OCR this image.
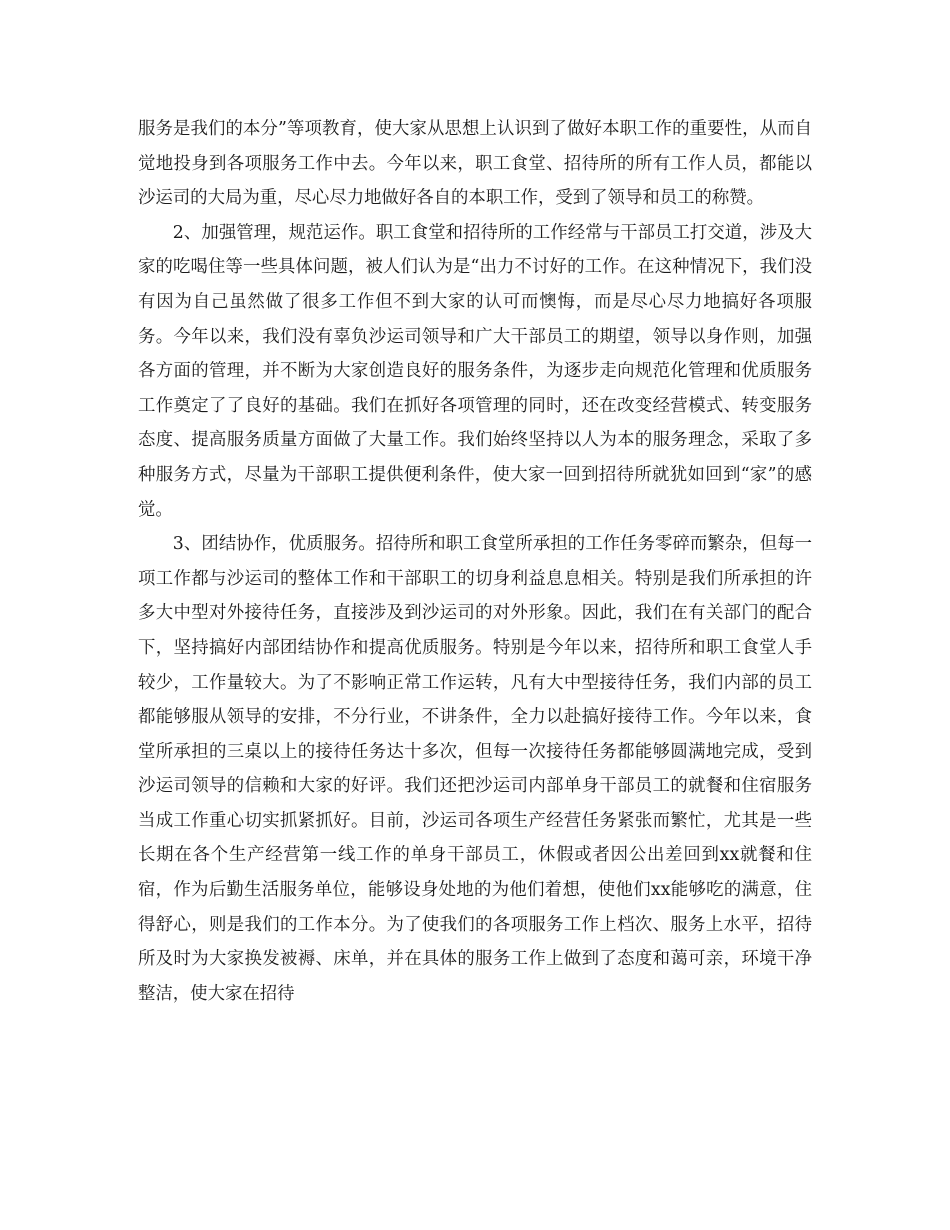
服务是我们的本分”等项教育，使大家从思想上认识到了做好本职工作的重要性，从而自觉地投身到各项服务工作中去。今年以来，职工食堂、招待所的所有工作人员，都能以沙运司的大局为重，尽心尽力地做好各自的本职工作，受到了领导和员工的称赞。

2、加强管理，规范运作。职工食堂和招待所的工作经常与干部员工打交道，涉及大家的吃喝住等一些具体问题，被人们认为是“出力不讨好的工作。在这种情况下，我们没有因为自己虽然做了很多工作但不到大家的认可而懊悔，而是尽心尽力地搞好各项服务。今年以来，我们没有辜负沙运司领导和广大干部员工的期望，领导以身作则，加强各方面的管理，并不断为大家创造良好的服务条件，为逐步走向规范化管理和优质服务工作奠定了了良好的基础。我们在抓好各项管理的同时，还在改变经营模式、转变服务态度、提高服务质量方面做了大量工作。我们始终坚持以人为本的服务理念，采取了多种服务方式，尽量为干部职工提供便利条件，使大家一回到招待所就犹如回到“家”的感觉。

3、团结协作，优质服务。招待所和职工食堂所承担的工作任务零碎而繁杂，但每一项工作都与沙运司的整体工作和干部职工的切身利益息息相关。特别是我们所承担的许多大中型对外接待任务，直接涉及到沙运司的对外形象。因此，我们在有关部门的配合下，坚持搞好内部团结协作和提高优质服务。特别是今年以来，招待所和职工食堂人手较少，工作量较大。为了不影响正常工作运转，凡有大中型接待任务，我们内部的员工都能够服从领导的安排，不分行业，不讲条件，全力以赴搞好接待工作。今年以来，食堂所承担的三桌以上的接待任务达十多次，但每一次接待任务都能够圆满地完成，受到沙运司领导的信赖和大家的好评。我们还把沙运司内部单身干部员工的就餐和住宿服务当成工作重心切实抓紧抓好。目前，沙运司各项生产经营任务紧张而繁忙，尤其是一些长期在各个生产经营第一线工作的单身干部员工，休假或者因公出差回到xx就餐和住宿，作为后勤生活服务单位，能够设身处地的为他们着想，使他们xx能够吃的满意，住得舒心，则是我们的工作本分。为了使我们的各项服务工作上档次、服务上水平，招待所及时为大家换发被褥、床单，并在具体的服务工作上做到了态度和蔼可亲，环境干净整洁，使大家在招待
